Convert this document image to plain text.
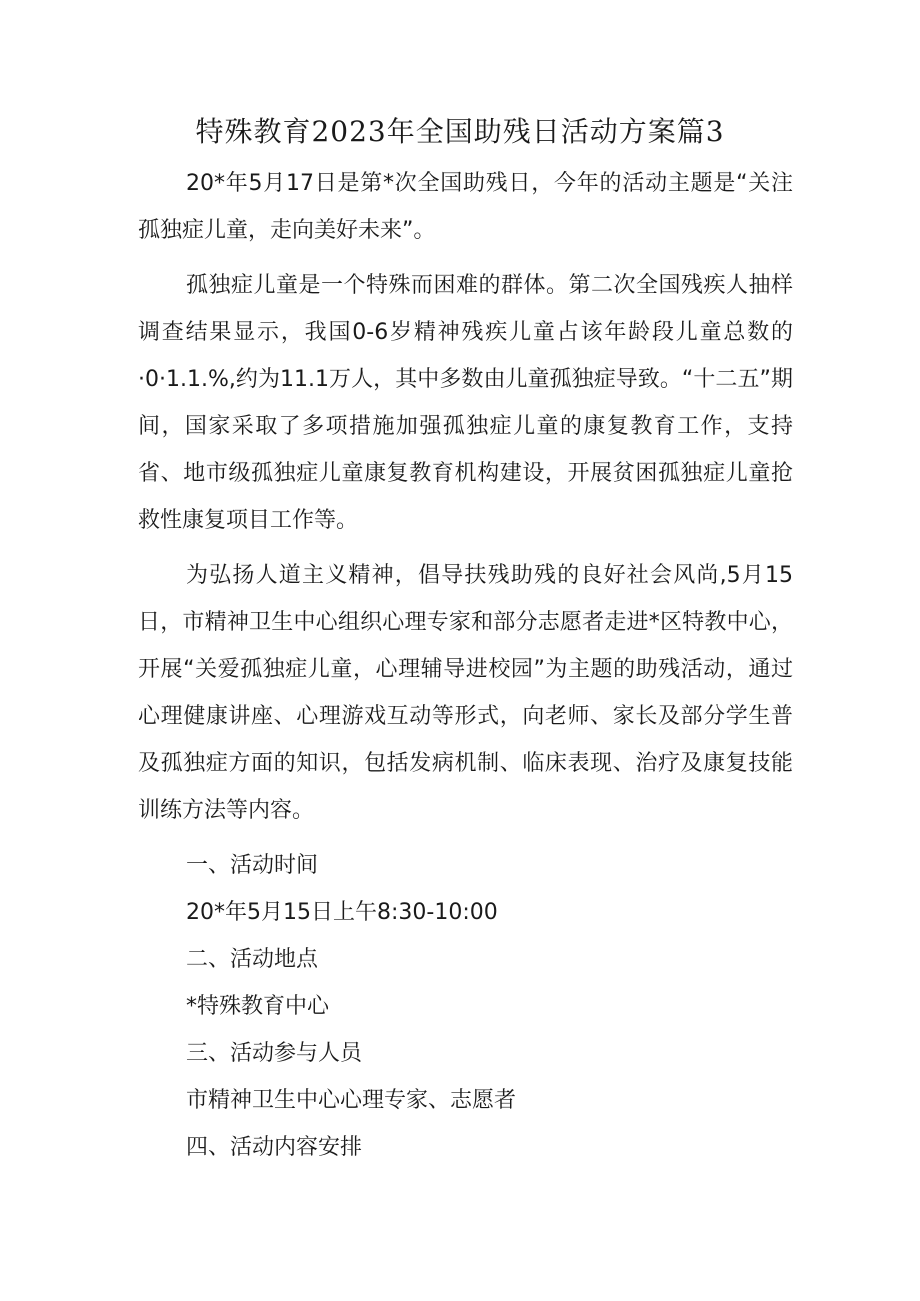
特殊教育2023年全国助残日活动方案篇3

20*年5月17日是第*次全国助残日，今年的活动主题是“关注孤独症儿童，走向美好未来”。

孤独症儿童是一个特殊而困难的群体。第二次全国残疾人抽样调查结果显示，我国0-6岁精神残疾儿童占该年龄段儿童总数的·0·1.1.%,约为11.1万人，其中多数由儿童孤独症导致。“十二五”期间，国家采取了多项措施加强孤独症儿童的康复教育工作，支持省、地市级孤独症儿童康复教育机构建设，开展贫困孤独症儿童抢救性康复项目工作等。

为弘扬人道主义精神，倡导扶残助残的良好社会风尚,5月15日，市精神卫生中心组织心理专家和部分志愿者走进*区特教中心，开展“关爱孤独症儿童，心理辅导进校园”为主题的助残活动，通过心理健康讲座、心理游戏互动等形式，向老师、家长及部分学生普及孤独症方面的知识，包括发病机制、临床表现、治疗及康复技能训练方法等内容。

一、活动时间

20*年5月15日上午8:30-10:00

二、活动地点

*特殊教育中心

三、活动参与人员

市精神卫生中心心理专家、志愿者

四、活动内容安排
